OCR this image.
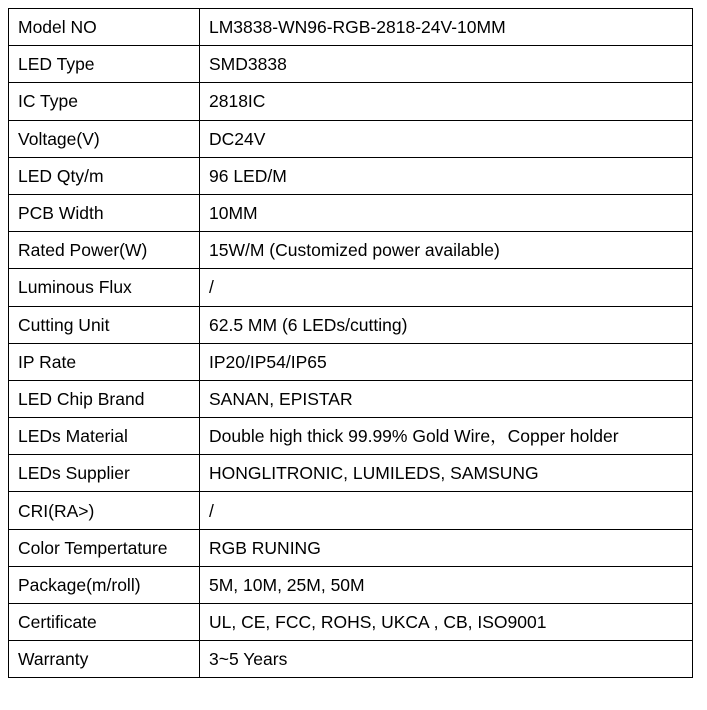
Model NO	LM3838-WN96-RGB-2818-24V-10MM
LED Type	SMD3838
IC Type	2818IC
Voltage(V)	DC24V
LED Qty/m	96 LED/M
PCB Width	10MM
Rated Power(W)	15W/M (Customized power available)
Luminous Flux	/
Cutting Unit	62.5 MM (6 LEDs/cutting)
IP Rate	IP20/IP54/IP65
LED Chip Brand	SANAN, EPISTAR
LEDs Material	Double high thick 99.99% Gold Wire，Copper holder
LEDs Supplier	HONGLITRONIC, LUMILEDS, SAMSUNG
CRI(RA>)	/
Color Tempertature	RGB RUNING
Package(m/roll)	5M, 10M, 25M, 50M
Certificate	UL, CE, FCC, ROHS, UKCA , CB, ISO9001
Warranty	3~5 Years
